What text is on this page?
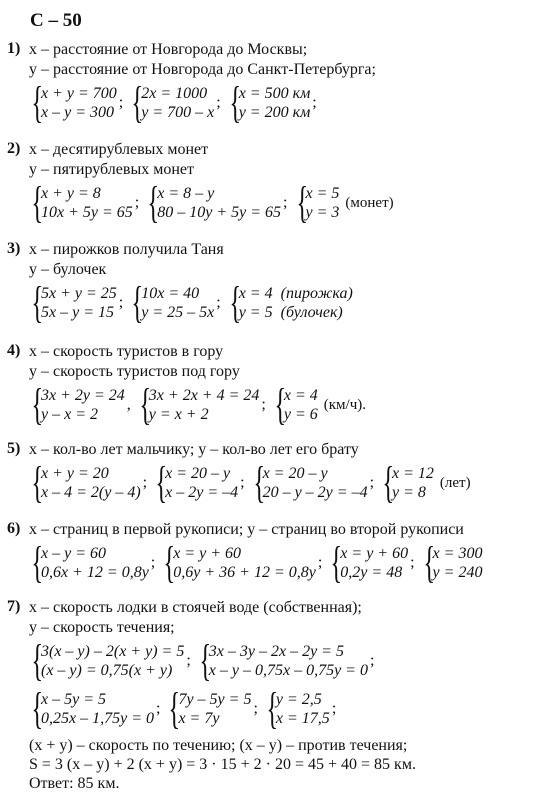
С – 50
1) x – расстояние от Новгорода до Москвы;
y – расстояние от Новгорода до Санкт-Петербурга;
{
x + y = 700
x – y = 300
; {
2x = 1000
y = 700 – x
; {
x = 500 км
y = 200 км
;
2) x – десятирублевых монет
y – пятирублевых монет
{
x + y = 8
10x + 5y = 65
; {
x = 8 – y
80 – 10y + 5y = 65
; {
x = 5
y = 3
(монет)
3) x – пирожков получила Таня
y – булочек
{
5x + y = 25
5x – y = 15
; {
10x = 40
y = 25 – 5x
; {
x = 4 (пирожка)
y = 5 (булочек)
4) x – скорость туристов в гору
y – скорость туристов под гору
{
3x + 2y = 24
y – x = 2
, {
3x + 2x + 4 = 24
y = x + 2
; {
x = 4
y = 6
(км/ч).
5) x – кол-во лет мальчику; y – кол-во лет его брату
{
x + y = 20
x – 4 = 2(y – 4)
; {
x = 20 – y
x – 2y = –4
; {
x = 20 – y
20 – y – 2y = –4
; {
x = 12
y = 8
(лет)
6) x – страниц в первой рукописи; y – страниц во второй рукописи
{
x – y = 60
0,6x + 12 = 0,8y
; {
x = y + 60
0,6y + 36 + 12 = 0,8y
; {
x = y + 60
0,2y = 48
; {
x = 300
y = 240
7) x – скорость лодки в стоячей воде (собственная);
y – скорость течения;
{
3(x – y) – 2(x + y) = 5
(x – y) = 0,75(x + y)
; {
3x – 3y – 2x – 2y = 5
x – y – 0,75x – 0,75y = 0
;
{
x – 5y = 5
0,25x – 1,75y = 0
; {
7y – 5y = 5
x = 7y
; {
y = 2,5
x = 17,5
;
(x + y) – скорость по течению; (x – y) – против течения;
S = 3 (x – y) + 2 (x + y) = 3 · 15 + 2 · 20 = 45 + 40 = 85 км.
Ответ: 85 км.
